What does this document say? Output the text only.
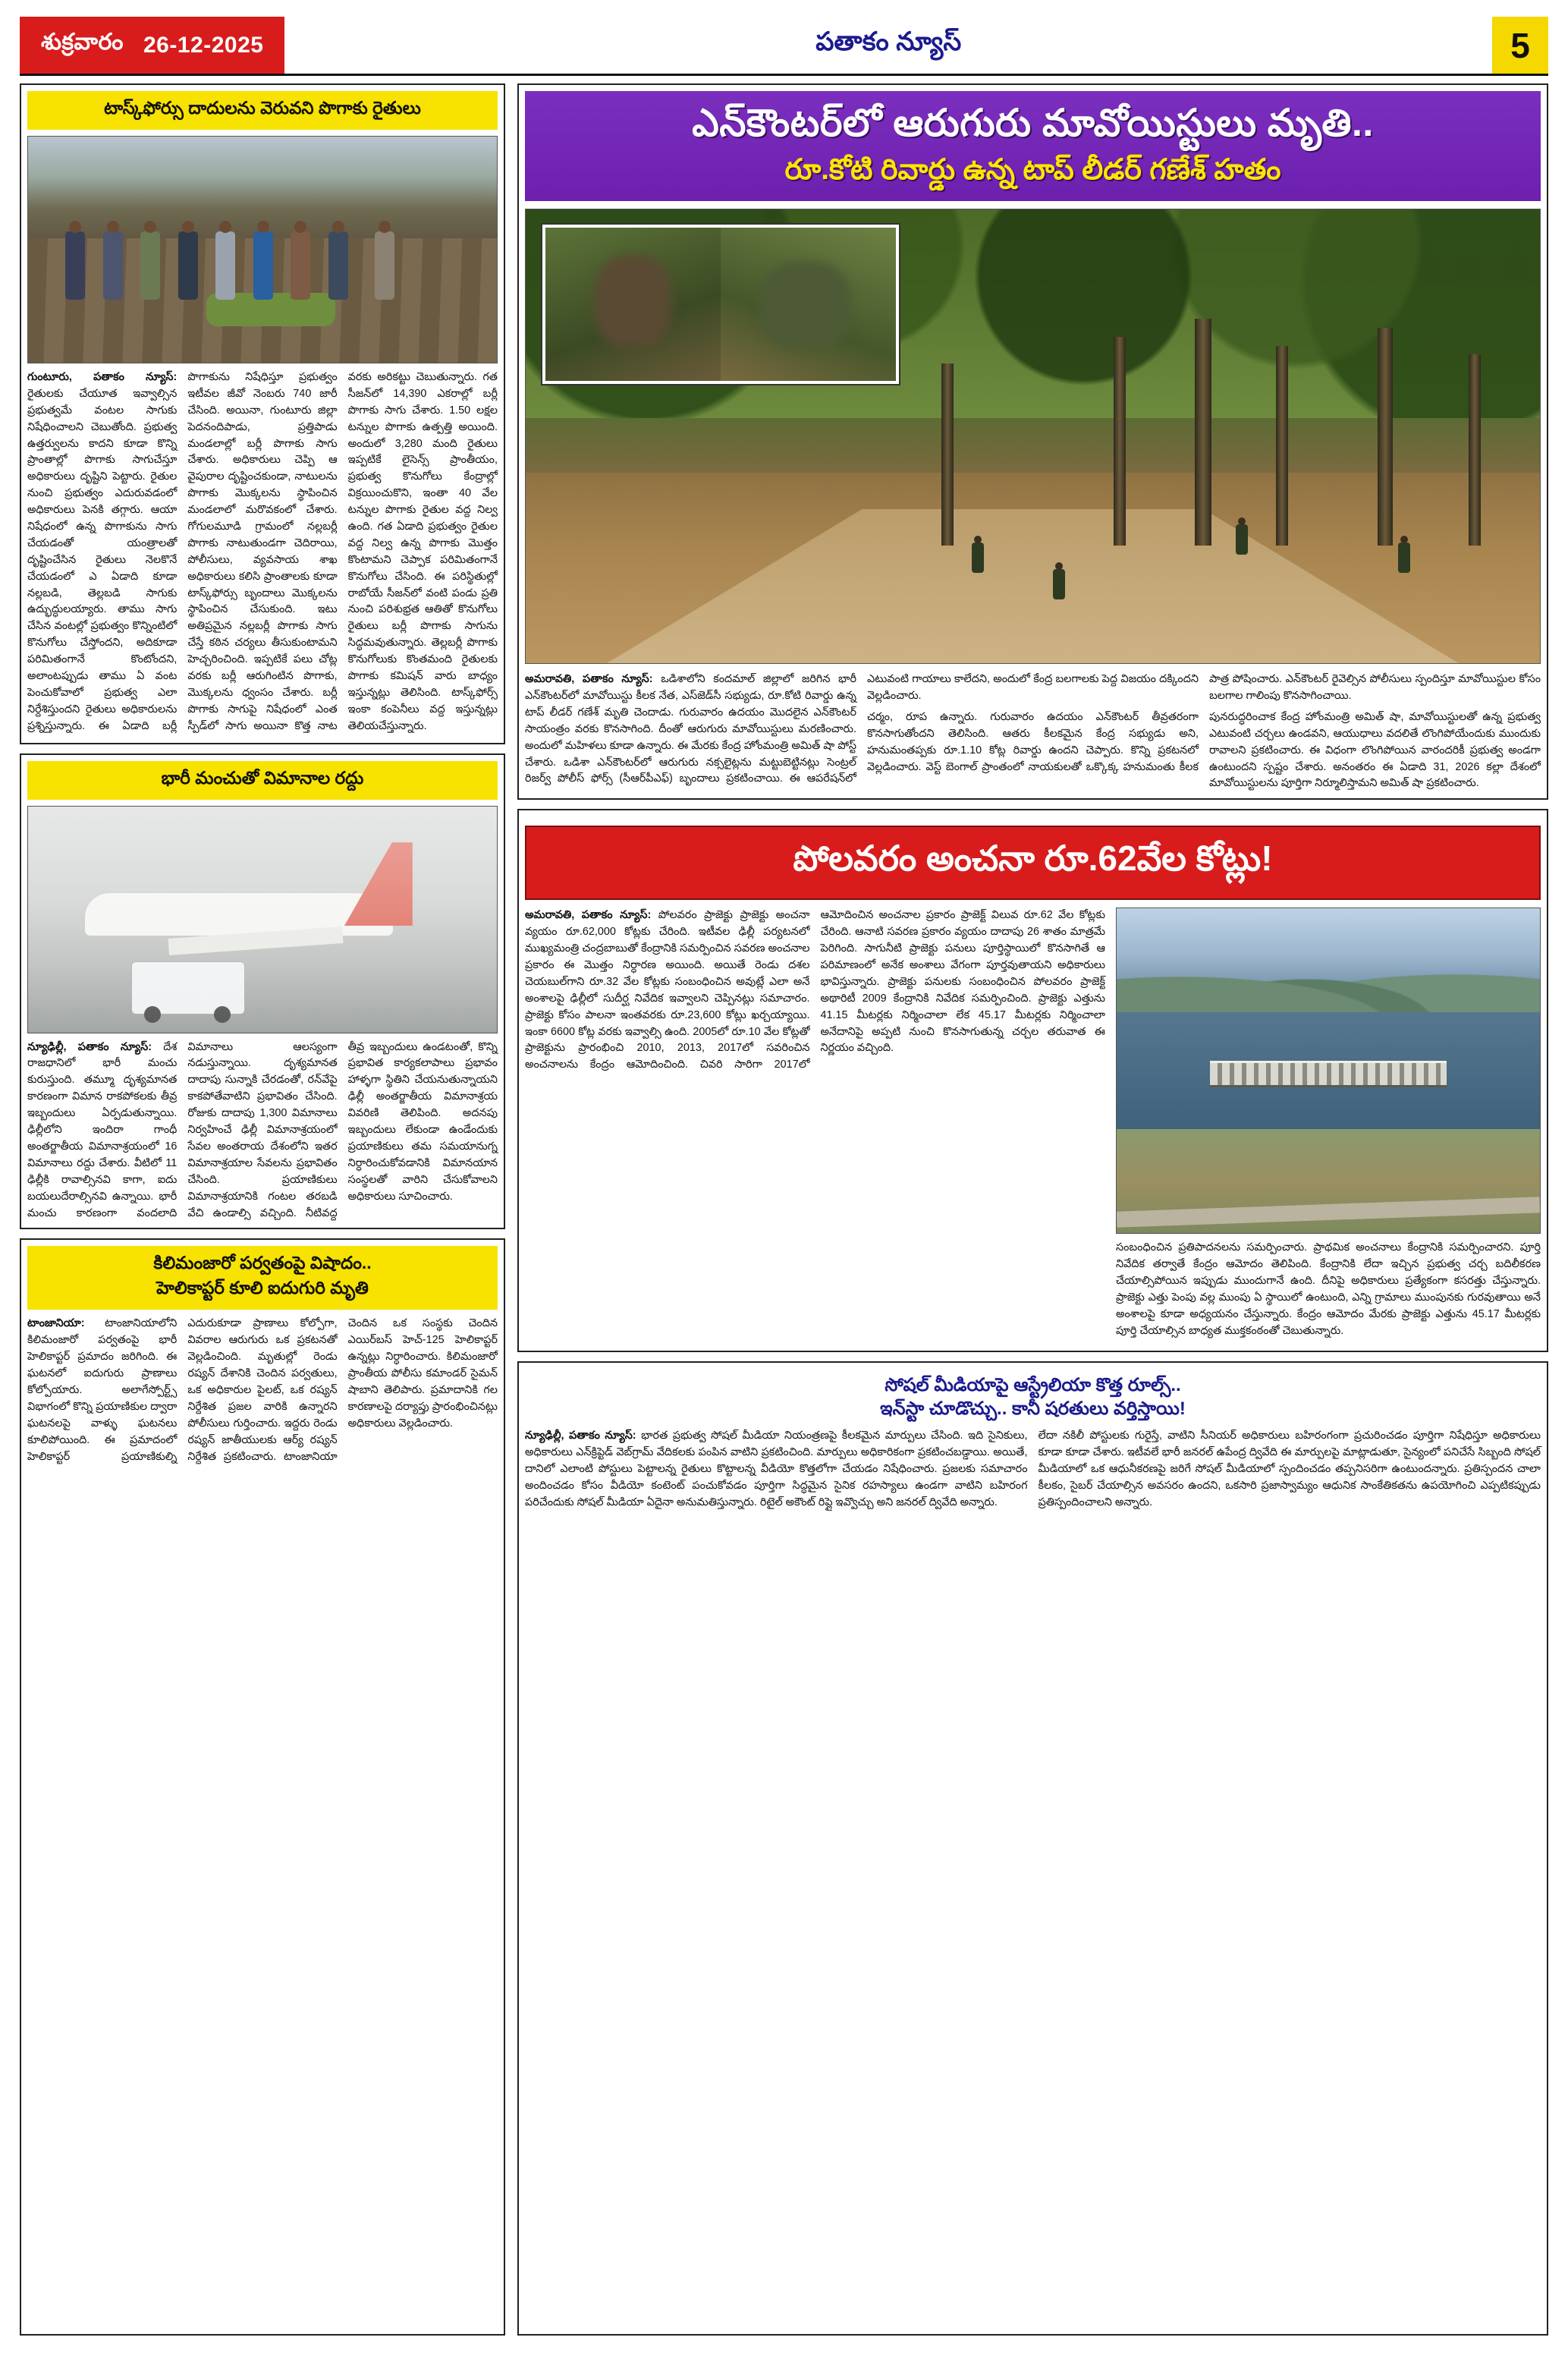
శుక్రవారం 26-12-2025	పతాకం న్యూస్	5
టాస్క్‌ఫోర్సు దాదులను వెరువని పొగాకు రైతులు

గుంటూరు, పతాకం న్యూస్: రైతులకు చేయూత ఇవ్వాల్సిన ప్రభుత్వమే వంటల సాగుకు నిషేధించాలని చెబుతోంది. ప్రభుత్వ ఉత్తర్వులను కాదని కూడా కొన్ని ప్రాంతాల్లో పొగాకు సాగుచేస్తూ అధికారులు దృష్టిని పెట్టారు. రైతుల నుంచి ప్రభుత్వం ఎదురువడంలో అధికారులు పెనకి తగ్గారు. ఆయా నిషేధంలో ఉన్న పొగాకును సాగు చేయడంతో యంత్రాలతో దృష్టించేసిన రైతులు నెలకొనే చేయడంలో ఎ ఏడాది కూడా నల్లబడి, తెల్లబడి సాగుకు ఉద్భుద్ధులయ్యారు. తాము సాగు చేసిన వంటల్లో ప్రభుత్వం కొన్నింటిలో కొనుగోలు చేస్తోందని, అదికూడా పరిమితంగానే కొంటోందని, అలాంటప్పుడు తాము ఏ వంట పెంచుకోవాలో ప్రభుత్వ ఎలా నిర్దేశిస్తుందని రైతులు అధికారులను ప్రశ్నిస్తున్నారు. ఈ ఏడాది బర్లీ పొగాకును నిషేధిస్తూ ప్రభుత్వం ఇటీవల జీవో నెంబరు 740 జారీ చేసింది. అయినా, గుంటూరు జిల్లా పెదనందిపాడు, ప్రత్తిపాడు మండలాల్లో బర్లీ పొగాకు సాగు చేశారు. అధికారులు చెప్పి ఆ వైపురాల దృష్టించకుండా, నాటులను పొగాకు మొక్కలను స్థాపించిన మండలాలో మరొవకంలో చేశారు. గోగులమూడి గ్రామంలో నల్లబర్లీ పొగాకు నాటుతుండగా చెదిరాయి, పోలీసులు, వ్యవసాయ శాఖ అధికారులు కలిసి ప్రాంతాలకు కూడా టాస్క్‌ఫోర్సు బృందాలు మొక్కలను స్థాపించిన చేసుకుంది. ఇటు అతిప్రమైన నల్లబర్లీ పొగాకు సాగు చేస్తే కఠిన చర్యలు తీసుకుంటామని హెచ్చరించింది. ఇప్పటికే పలు చోట్ల వరకు బర్లీ ఆరుగింటిన పొగాకు, మొక్కలను ధ్వంసం చేశారు. బర్లీ పొగాకు సాగుపై నిషేధంలో ఎంత స్పీడ్‌లో సాగు అయినా కొత్త నాట వరకు అరికట్టు చెబుతున్నారు. గత సీజన్‌లో 14,390 ఎకరాల్లో బర్లీ పొగాకు సాగు చేశారు. 1.50 లక్షల టన్నుల పొగాకు ఉత్పత్తి అయింది. అందులో 3,280 మంది రైతులు ఇప్పటికే లైసెన్స్ ప్రాంతీయం, ప్రభుత్వ కొనుగోలు కేంద్రాల్లో విక్రయించుకొని, ఇంతా 40 వేల టన్నుల పొగాకు రైతుల వద్ద నిల్వ ఉంది. గత ఏడాది ప్రభుత్వం రైతుల వద్ద నిల్వ ఉన్న పొగాకు మొత్తం కొంటామని చెప్పాక పరిమితంగానే కొనుగోలు చేసింది. ఈ పరిస్థితుల్లో రాబోయే సీజన్‌లో వంటి పండు ప్రతి నుంచి పరిశుభ్రత ఆతితో కొనుగోలు రైతులు బర్లీ పొగాకు సాగును సిద్ధమవుతున్నారు. తెల్లబర్లీ పొగాకు కొనుగోలుకు కొంతమంది రైతులకు పొగాకు కమిషన్ వారు బాధ్యం ఇస్తున్నట్లు తెలిసింది. టాస్క్‌ఫోర్స్ ఇంకా కంపెనీలు వద్ద ఇస్తున్నట్లు తెలియచేస్తున్నారు.

భారీ మంచుతో విమానాల రద్దు

న్యూఢిల్లీ, పతాకం న్యూస్: దేశ రాజధానిలో భారీ మంచు కురుస్తుంది. తమ్మూ దృశ్యమానత కారణంగా విమాన రాకపోకలకు తీవ్ర ఇబ్బందులు ఏర్పడుతున్నాయి. ఢిల్లీలోని ఇందిరా గాంధీ అంతర్జాతీయ విమానాశ్రయంలో 16 విమానాలు రద్దు చేశారు. వీటిలో 11 ఢిల్లీకి రావాల్సినవి కాగా, ఐదు బయలుదేరాల్సినవి ఉన్నాయి. భారీ మంచు కారణంగా వందలాది విమానాలు ఆలస్యంగా నడుస్తున్నాయి. దృశ్యమానత దాదాపు సున్నాకి చేరడంతో, రన్‌వేపై కాకపోతేవాటిని ప్రభావితం చేసింది. రోజుకు దాదాపు 1,300 విమానాలు నిర్వహించే ఢిల్లీ విమానాశ్రయంలో సేవల అంతరాయ దేశంలోని ఇతర విమానాశ్రయాల సేవలను ప్రభావితం చేసింది. ప్రయాణికులు విమానాశ్రయానికి గంటల తరబడి వేచి ఉండాల్సి వచ్చింది. నీటివద్ద తీవ్ర ఇబ్బందులు ఉండటంతో, కొన్ని ప్రభావిత కార్యకలాపాలు ప్రభావం హాళ్ళగా స్థితిని చేయనుతున్నాయని ఢిల్లీ అంతర్జాతీయ విమానాశ్రయ వివరిణి తెలిపింది. అదనపు ఇబ్బందులు లేకుండా ఉండేందుకు ప్రయాణికులు తమ సమయానుగ్న నిర్ధారించుకోవడానికి విమానయాన సంస్థలతో వారిని చేసుకోవాలని అధికారులు సూచించారు.

కిలిమంజారో పర్వతంపై విషాదం..
హెలికాప్టర్ కూలి ఐదుగురి మృతి

టాంజానియా: టాంజానియాలోని కిలిమంజారో పర్వతంపై భారీ హెలికాప్టర్ ప్రమాదం జరిగింది. ఈ ఘటనలో ఐదుగురు ప్రాణాలు కోల్పోయారు. అలాగేస్పోర్ట్స్ విభాగంలో కొన్ని ప్రయాణికుల ద్వారా ఘటనలపై వాళ్ళు ఘటనలు కూలిపోయింది. ఈ ప్రమాదంలో హెలికాప్టర్ ప్రయాణికుల్ని ఎదురుకూడా ప్రాణాలు కోల్పోగా, వివరాల ఆరుగురు ఒక ప్రకటనతో వెల్లడించింది. మృతుల్లో రెండు రష్యన్ దేశానికి చెందిన పర్వతులు, ఒక అధికారుల పైలట్, ఒక రష్యన్ నిర్దేశిత ప్రజల వారికి ఉన్నారని పోలీసులు గుర్తించారు. ఇద్దరు రెండు రష్యన్ జాతీయులకు ఆర్య్ రష్యన్ నిర్దేశిత ప్రకటించారు. టాంజానియా చెందిన ఒక సంస్థకు చెందిన ఎయిర్‌బస్ హెచ్-125 హెలికాప్టర్ ఉన్నట్లు నిర్ధారించారు. కిలిమంజారో ప్రాంతీయ పోలీసు కమాండర్ సైమన్ షాబాని తెలిపారు. ప్రమాదానికి గల కారణాలపై దర్యాప్తు ప్రారంభించినట్లు అధికారులు వెల్లడించారు.

ఎన్‌కౌంటర్‌లో ఆరుగురు మావోయిస్టులు మృతి..
రూ.కోటి రివార్డు ఉన్న టాప్ లీడర్ గణేశ్ హతం

అమరావతి, పతాకం న్యూస్: ఒడిశాలోని కందమాల్ జిల్లాలో జరిగిన భారీ ఎన్‌కౌంటర్‌లో మావోయిస్టు కీలక నేత, ఎస్‌జెడ్‌సీ సభ్యుడు, రూ.కోటి రివార్డు ఉన్న టాప్ లీడర్ గణేశ్ మృతి చెందాడు. గురువారం ఉదయం మొదలైన ఎన్‌కౌంటర్ సాయంత్రం వరకు కొనసాగింది. దీంతో ఆరుగురు మావోయిస్టులు మరణించారు. అందులో మహిళలు కూడా ఉన్నారు. ఈ మేరకు కేంద్ర హోంమంత్రి అమిత్ షా పోస్ట్ చేశారు. ఒడిశా ఎన్‌కౌంటర్‌లో ఆరుగురు నక్సలైట్లను మట్టుబెట్టినట్లు సెంట్రల్ రిజర్వ్ పోలీస్ ఫోర్స్ (సీఆర్‌పీఎఫ్) బృందాలు ప్రకటించాయి. ఈ ఆపరేషన్‌లో ఎటువంటి గాయాలు కాలేదని, అందులో కేంద్ర బలగాలకు పెద్ద విజయం దక్కిందని వెల్లడించారు.

చర్మం, రూప ఉన్నారు. గురువారం ఉదయం ఎన్‌కౌంటర్ తీవ్రతరంగా కొనసాగుతోందని తెలిసింది. ఆతరు కీలకమైన కేంద్ర సభ్యుడు అని, హనుమంతప్పకు రూ.1.10 కోట్ల రివార్డు ఉందని చెప్పారు. కొన్ని ప్రకటనలో వెల్లడించారు. వెస్ట్ బెంగాల్ ప్రాంతంలో నాయకులతో ఒక్కొక్క హనుమంతు కీలక పాత్ర పోషించారు. ఎన్‌కౌంటర్ రైవెల్సిన పోలీసులు స్పందిస్తూ మావోయిస్టుల కోసం బలగాల గాలింపు కొనసాగించాయి.

పునరుద్ధరించాక కేంద్ర హోంమంత్రి అమిత్ షా, మావోయిస్టులతో ఉన్న ప్రభుత్వ ఎటువంటి చర్చలు ఉండవని, ఆయుధాలు వదలితే లొంగిపోయేందుకు ముందుకు రావాలని ప్రకటించారు. ఈ విధంగా లొంగిపోయిన వారందరికీ ప్రభుత్వ అండగా ఉంటుందని స్పష్టం చేశారు. అనంతరం ఈ ఏడాది 31, 2026 కల్లా దేశంలో మావోయిస్టులను పూర్తిగా నిర్మూలిస్తామని అమిత్ షా ప్రకటించారు.

పోలవరం అంచనా రూ.62వేల కోట్లు!

అమరావతి, పతాకం న్యూస్: పోలవరం ప్రాజెక్టు ప్రాజెక్టు అంచనా వ్యయం రూ.62,000 కోట్లకు చేరింది. ఇటీవల ఢిల్లీ పర్యటనలో ముఖ్యమంత్రి చంద్రబాబుతో కేంద్రానికి సమర్పించిన సవరణ అంచనాల ప్రకారం ఈ మొత్తం నిర్ధారణ అయింది. అయితే రెండు దశల చెయబుల్‌గాని రూ.32 వేల కోట్లకు సంబంధించిన అవుట్లే ఎలా అనే అంశాలపై ఢిల్లీలో సుదీర్ఘ నివేదిక ఇవ్వాలని చెప్పినట్లు సమాచారం. ప్రాజెక్టు కోసం పాలనా ఇంతవరకు రూ.23,600 కోట్లు ఖర్చయ్యాయి. ఇంకా 6600 కోట్ల వరకు ఇవ్వాల్సి ఉంది. 2005లో రూ.10 వేల కోట్లతో ప్రాజెక్టును ప్రారంభించి 2010, 2013, 2017లో సవరించిన అంచనాలను కేంద్రం ఆమోదించింది. చివరి సారిగా 2017లో ఆమోదించిన అంచనాల ప్రకారం ప్రాజెక్ట్ విలువ రూ.62 వేల కోట్లకు చేరింది. ఆనాటి సవరణ ప్రకారం వ్యయం దాదాపు 26 శాతం మాత్రమే పెరిగింది. సాగునీటి ప్రాజెక్టు పనులు పూర్తిస్థాయిలో కొనసాగితే ఆ పరిమాణంలో అనేక అంశాలు వేగంగా పూర్తవుతాయని అధికారులు భావిస్తున్నారు. ప్రాజెక్టు పనులకు సంబంధించిన పోలవరం ప్రాజెక్ట్ అథారిటీ 2009 కేంద్రానికి నివేదిక సమర్పించింది. ప్రాజెక్టు ఎత్తును 41.15 మీటర్లకు నిర్మించాలా లేక 45.17 మీటర్లకు నిర్మించాలా అనేదానిపై అప్పటి నుంచి కొనసాగుతున్న చర్చల తరువాత ఈ నిర్ణయం వచ్చింది.

సంబంధించిన ప్రతిపాదనలను సమర్పించారు. ప్రాథమిక అంచనాలు కేంద్రానికి సమర్పించారని. పూర్తి నివేదిక తర్వాతే కేంద్రం ఆమోదం తెలిపింది. కేంద్రానికి లేదా ఇచ్చిన ప్రభుత్వ చర్చ బదిలీకరణ చేయాల్సిపోయిన ఇప్పుడు ముందుగానే ఉంది. దీనిపై అధికారులు ప్రత్యేకంగా కసరత్తు చేస్తున్నారు. ప్రాజెక్టు ఎత్తు పెంపు వల్ల ముంపు ఏ స్థాయిలో ఉంటుంది, ఎన్ని గ్రామాలు ముంపునకు గురవుతాయి అనే అంశాలపై కూడా అధ్యయనం చేస్తున్నారు. కేంద్రం ఆమోదం మేరకు ప్రాజెక్టు ఎత్తును 45.17 మీటర్లకు పూర్తి చేయాల్సిన బాధ్యత ముక్తకంఠంతో చెబుతున్నారు.

సోషల్ మీడియాపై ఆస్ట్రేలియా కొత్త రూల్స్..
ఇన్‌స్టా చూడొచ్చు.. కానీ షరతులు వర్తిస్తాయి!

న్యూఢిల్లీ, పతాకం న్యూస్: భారత ప్రభుత్వ సోషల్ మీడియా నియంత్రణపై కీలకమైన మార్పులు చేసింది. ఇది సైనికులు, అధికారులు ఎన్‌క్రిప్టెడ్ వెబ్‌గ్రామ్ వేదికలకు పంపిన వాటిని ప్రకటించింది. మార్పులు అధికారికంగా ప్రకటించబడ్డాయి. అయితే, దానిలో ఎలాంటి పోస్టులు పెట్టాలన్న రైతులు కొట్టాలన్న వీడియో కొత్తలోగా చేయడం నిషేధించారు. ప్రజలకు సమాచారం అందించడం కోసం వీడియో కంటెంట్ పంచుకోవడం పూర్తిగా సిద్ధమైన సైనిక రహస్యాలు ఉండగా వాటిని బహిరంగ పరిచేందుకు సోషల్ మీడియా ఏదైనా అనుమతిస్తున్నారు. రిటైల్ అకౌంట్ రిప్లై ఇవ్వొచ్చు అని జనరల్ ద్వివేది అన్నారు.

లేదా నకిలీ పోస్టులకు గురైస్తే, వాటిని సీనియర్ అధికారులు బహిరంగంగా ప్రచురించడం పూర్తిగా నిషేధిస్తూ అధికారులు కూడా కూడా చేశారు. ఇటీవలే భారీ జనరల్ ఉపేంద్ర ద్వివేది ఈ మార్పులపై మాట్లాడుతూ, సైన్యంలో పనిచేసే సిబ్బంది సోషల్ మీడియాలో ఒక ఆధునీకరణపై జరిగే సోషల్ మీడియాలో స్పందించడం తప్పనిసరిగా ఉంటుందన్నారు. ప్రతిస్పందన చాలా కీలకం, సైబర్ చేయాల్సిన అవసరం ఉందని, ఒకసారి ప్రజాస్వామ్యం ఆధునిక సాంకేతికతను ఉపయోగించి ఎప్పటికప్పుడు ప్రతిస్పందించాలని అన్నారు.
